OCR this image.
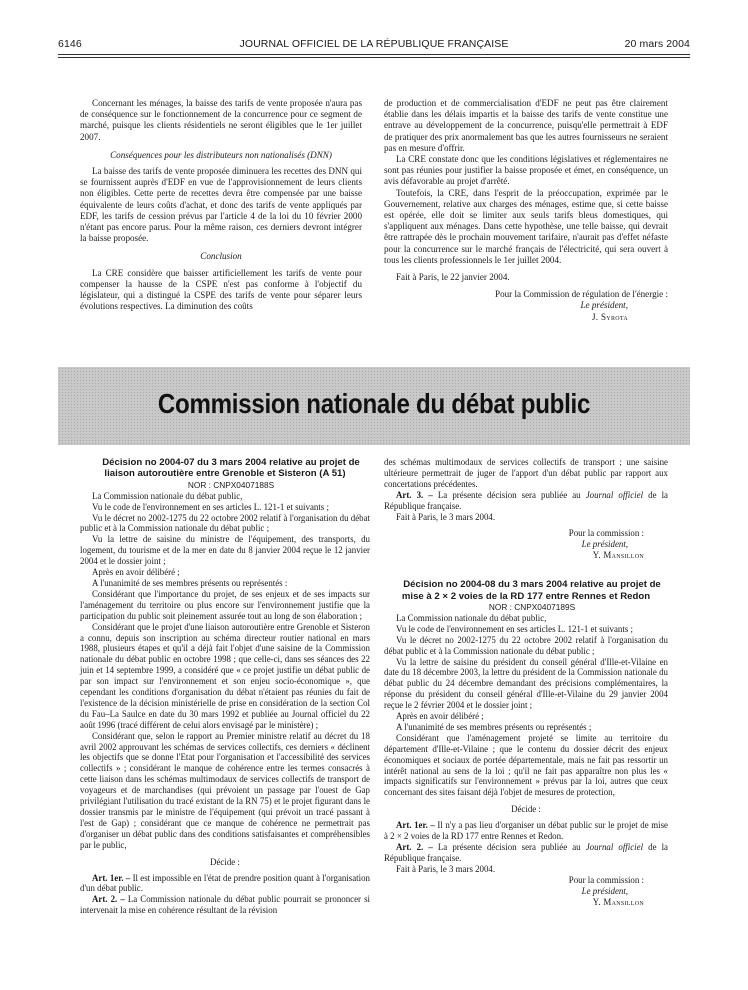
6146	JOURNAL OFFICIEL DE LA RÉPUBLIQUE FRANÇAISE	20 mars 2004

Concernant les ménages, la baisse des tarifs de vente proposée n'aura pas de conséquence sur le fonctionnement de la concurrence pour ce segment de marché, puisque les clients résidentiels ne seront éligibles que le 1er juillet 2007.

Conséquences pour les distributeurs non nationalisés (DNN)

La baisse des tarifs de vente proposée diminuera les recettes des DNN qui se fournissent auprès d'EDF en vue de l'approvisionnement de leurs clients non éligibles. Cette perte de recettes devra être compensée par une baisse équivalente de leurs coûts d'achat, et donc des tarifs de vente appliqués par EDF, les tarifs de cession prévus par l'article 4 de la loi du 10 février 2000 n'étant pas encore parus. Pour la même raison, ces derniers devront intégrer la baisse proposée.

Conclusion

La CRE considère que baisser artificiellement les tarifs de vente pour compenser la hausse de la CSPE n'est pas conforme à l'objectif du législateur, qui a distingué la CSPE des tarifs de vente pour séparer leurs évolutions respectives. La diminution des coûts

de production et de commercialisation d'EDF ne peut pas être clairement établie dans les délais impartis et la baisse des tarifs de vente constitue une entrave au développement de la concurrence, puisqu'elle permettrait à EDF de pratiquer des prix anormalement bas que les autres fournisseurs ne seraient pas en mesure d'offrir.

La CRE constate donc que les conditions législatives et réglementaires ne sont pas réunies pour justifier la baisse proposée et émet, en conséquence, un avis défavorable au projet d'arrêté.

Toutefois, la CRE, dans l'esprit de la préoccupation, exprimée par le Gouvernement, relative aux charges des ménages, estime que, si cette baisse est opérée, elle doit se limiter aux seuls tarifs bleus domestiques, qui s'appliquent aux ménages. Dans cette hypothèse, une telle baisse, qui devrait être rattrapée dès le prochain mouvement tarifaire, n'aurait pas d'effet néfaste pour la concurrence sur le marché français de l'électricité, qui sera ouvert à tous les clients professionnels le 1er juillet 2004.

Fait à Paris, le 22 janvier 2004.

Pour la Commission de régulation de l'énergie :

Le président,

J. Syrota

Commission nationale du débat public

Décision no 2004-07 du 3 mars 2004 relative au projet de liaison autoroutière entre Grenoble et Sisteron (A 51)

NOR : CNPX0407188S

La Commission nationale du débat public,

Vu le code de l'environnement en ses articles L. 121-1 et suivants ;

Vu le décret no 2002-1275 du 22 octobre 2002 relatif à l'organisation du débat public et à la Commission nationale du débat public ;

Vu la lettre de saisine du ministre de l'équipement, des transports, du logement, du tourisme et de la mer en date du 8 janvier 2004 reçue le 12 janvier 2004 et le dossier joint ;

Après en avoir délibéré ;

A l'unanimité de ses membres présents ou représentés :

Considérant que l'importance du projet, de ses enjeux et de ses impacts sur l'aménagement du territoire ou plus encore sur l'environnement justifie que la participation du public soit pleinement assurée tout au long de son élaboration ;

Considérant que le projet d'une liaison autoroutière entre Grenoble et Sisteron a connu, depuis son inscription au schéma directeur routier national en mars 1988, plusieurs étapes et qu'il a déjà fait l'objet d'une saisine de la Commission nationale du débat public en octobre 1998 ; que celle-ci, dans ses séances des 22 juin et 14 septembre 1999, a considéré que « ce projet justifie un débat public de par son impact sur l'environnement et son enjeu socio-économique », que cependant les conditions d'organisation du débat n'étaient pas réunies du fait de l'existence de la décision ministérielle de prise en considération de la section Col du Fau–La Saulce en date du 30 mars 1992 et publiée au Journal officiel du 22 août 1996 (tracé différent de celui alors envisagé par le ministère) ;

Considérant que, selon le rapport au Premier ministre relatif au décret du 18 avril 2002 approuvant les schémas de services collectifs, ces derniers « déclinent les objectifs que se donne l'Etat pour l'organisation et l'accessibilité des services collectifs » ; considérant le manque de cohérence entre les termes consacrés à cette liaison dans les schémas multimodaux de services collectifs de transport de voyageurs et de marchandises (qui prévoient un passage par l'ouest de Gap privilégiant l'utilisation du tracé existant de la RN 75) et le projet figurant dans le dossier transmis par le ministre de l'équipement (qui prévoit un tracé passant à l'est de Gap) ; considérant que ce manque de cohérence ne permettrait pas d'organiser un débat public dans des conditions satisfaisantes et compréhensibles par le public,

Décide :

Art. 1er. – Il est impossible en l'état de prendre position quant à l'organisation d'un débat public.

Art. 2. – La Commission nationale du débat public pourrait se prononcer si intervenait la mise en cohérence résultant de la révision

des schémas multimodaux de services collectifs de transport ; une saisine ultérieure permettrait de juger de l'apport d'un débat public par rapport aux concertations précédentes.

Art. 3. – La présente décision sera publiée au Journal officiel de la République française.

Fait à Paris, le 3 mars 2004.

Pour la commission :

Le président,

Y. Mansillon

Décision no 2004-08 du 3 mars 2004 relative au projet de mise à 2 × 2 voies de la RD 177 entre Rennes et Redon

NOR : CNPX0407189S

La Commission nationale du débat public,

Vu le code de l'environnement en ses articles L. 121-1 et suivants ;

Vu le décret no 2002-1275 du 22 octobre 2002 relatif à l'organisation du débat public et à la Commission nationale du débat public ;

Vu la lettre de saisine du président du conseil général d'Ille-et-Vilaine en date du 18 décembre 2003, la lettre du président de la Commission nationale du débat public du 24 décembre demandant des précisions complémentaires, la réponse du président du conseil général d'Ille-et-Vilaine du 29 janvier 2004 reçue le 2 février 2004 et le dossier joint ;

Après en avoir délibéré ;

A l'unanimité de ses membres présents ou représentés ;

Considérant que l'aménagement projeté se limite au territoire du département d'Ille-et-Vilaine ; que le contenu du dossier décrit des enjeux économiques et sociaux de portée départementale, mais ne fait pas ressortir un intérêt national au sens de la loi ; qu'il ne fait pas apparaître non plus les « impacts significatifs sur l'environnement » prévus par la loi, autres que ceux concernant des sites faisant déjà l'objet de mesures de protection,

Décide :

Art. 1er. – Il n'y a pas lieu d'organiser un débat public sur le projet de mise à 2 × 2 voies de la RD 177 entre Rennes et Redon.

Art. 2. – La présente décision sera publiée au Journal officiel de la République française.

Fait à Paris, le 3 mars 2004.

Pour la commission :

Le président,

Y. Mansillon
